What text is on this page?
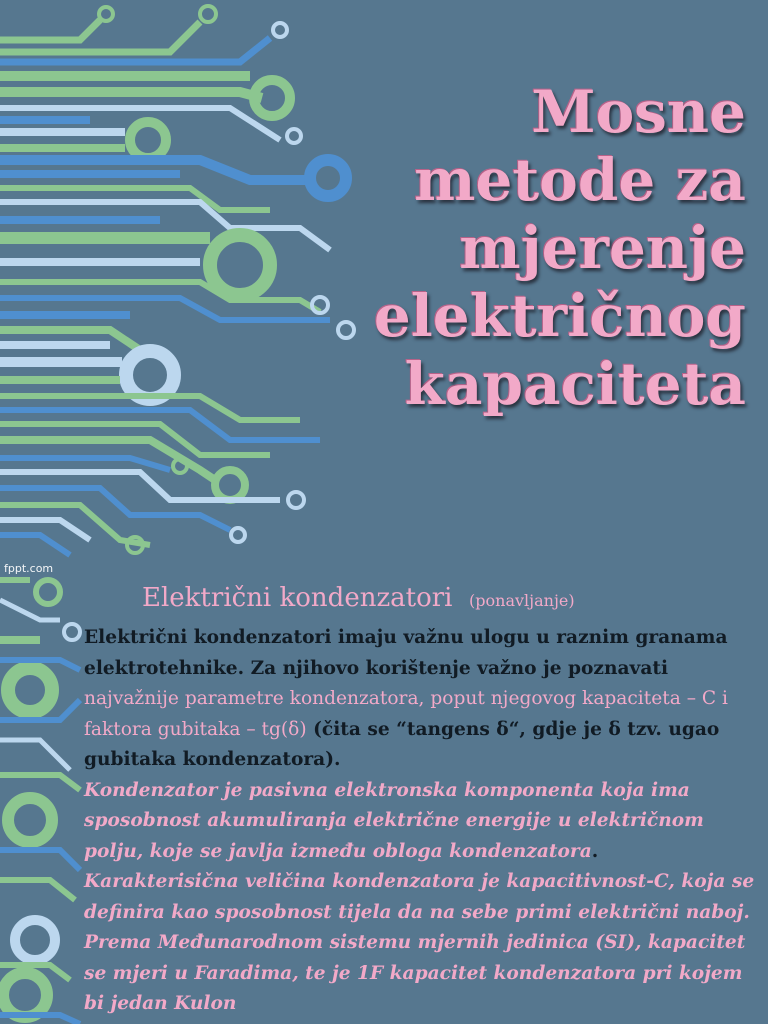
Mosne
metode za
mjerenje
električnog
kapaciteta
fppt.com
Električni kondenzatori (ponavljanje)

Električni kondenzatori imaju važnu ulogu u raznim granama elektrotehnike. Za njihovo korištenje važno je poznavati najvažnije parametre kondenzatora, poput njegovog kapaciteta – C i faktora gubitaka – tg(δ) (čita se “tangens δ“, gdje je δ tzv. ugao gubitaka kondenzatora).
Kondenzator je pasivna elektronska komponenta koja ima sposobnost akumuliranja električne energije u električnom polju, koje se javlja između obloga kondenzatora.
Karakterisična veličina kondenzatora je kapacitivnost-C, koja se definira kao sposobnost tijela da na sebe primi električni naboj. Prema Međunarodnom sistemu mjernih jedinica (SI), kapacitet se mjeri u Faradima, te je 1F kapacitet kondenzatora pri kojem bi jedan Kulon
